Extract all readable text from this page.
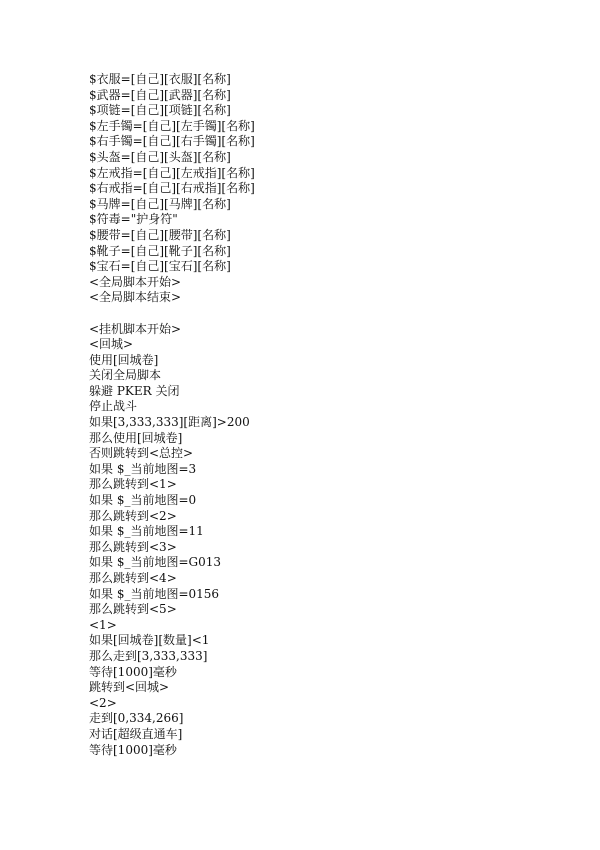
$衣服=[自己][衣服][名称]
$武器=[自己][武器][名称]
$项链=[自己][项链][名称]
$左手镯=[自己][左手镯][名称]
$右手镯=[自己][右手镯][名称]
$头盔=[自己][头盔][名称]
$左戒指=[自己][左戒指][名称]
$右戒指=[自己][右戒指][名称]
$马牌=[自己][马牌][名称]
$符毒="护身符"
$腰带=[自己][腰带][名称]
$靴子=[自己][靴子][名称]
$宝石=[自己][宝石][名称]
<全局脚本开始>
<全局脚本结束>
<挂机脚本开始>
<回城>
使用[回城卷]
关闭全局脚本
躲避 PKER 关闭
停止战斗
如果[3,333,333][距离]>200
那么使用[回城卷]
否则跳转到<总控>
如果 $_当前地图=3
那么跳转到<1>
如果 $_当前地图=0
那么跳转到<2>
如果 $_当前地图=11
那么跳转到<3>
如果 $_当前地图=G013
那么跳转到<4>
如果 $_当前地图=0156
那么跳转到<5>
<1>
如果[回城卷][数量]<1
那么走到[3,333,333]
等待[1000]毫秒
跳转到<回城>
<2>
走到[0,334,266]
对话[超级直通车]
等待[1000]毫秒
